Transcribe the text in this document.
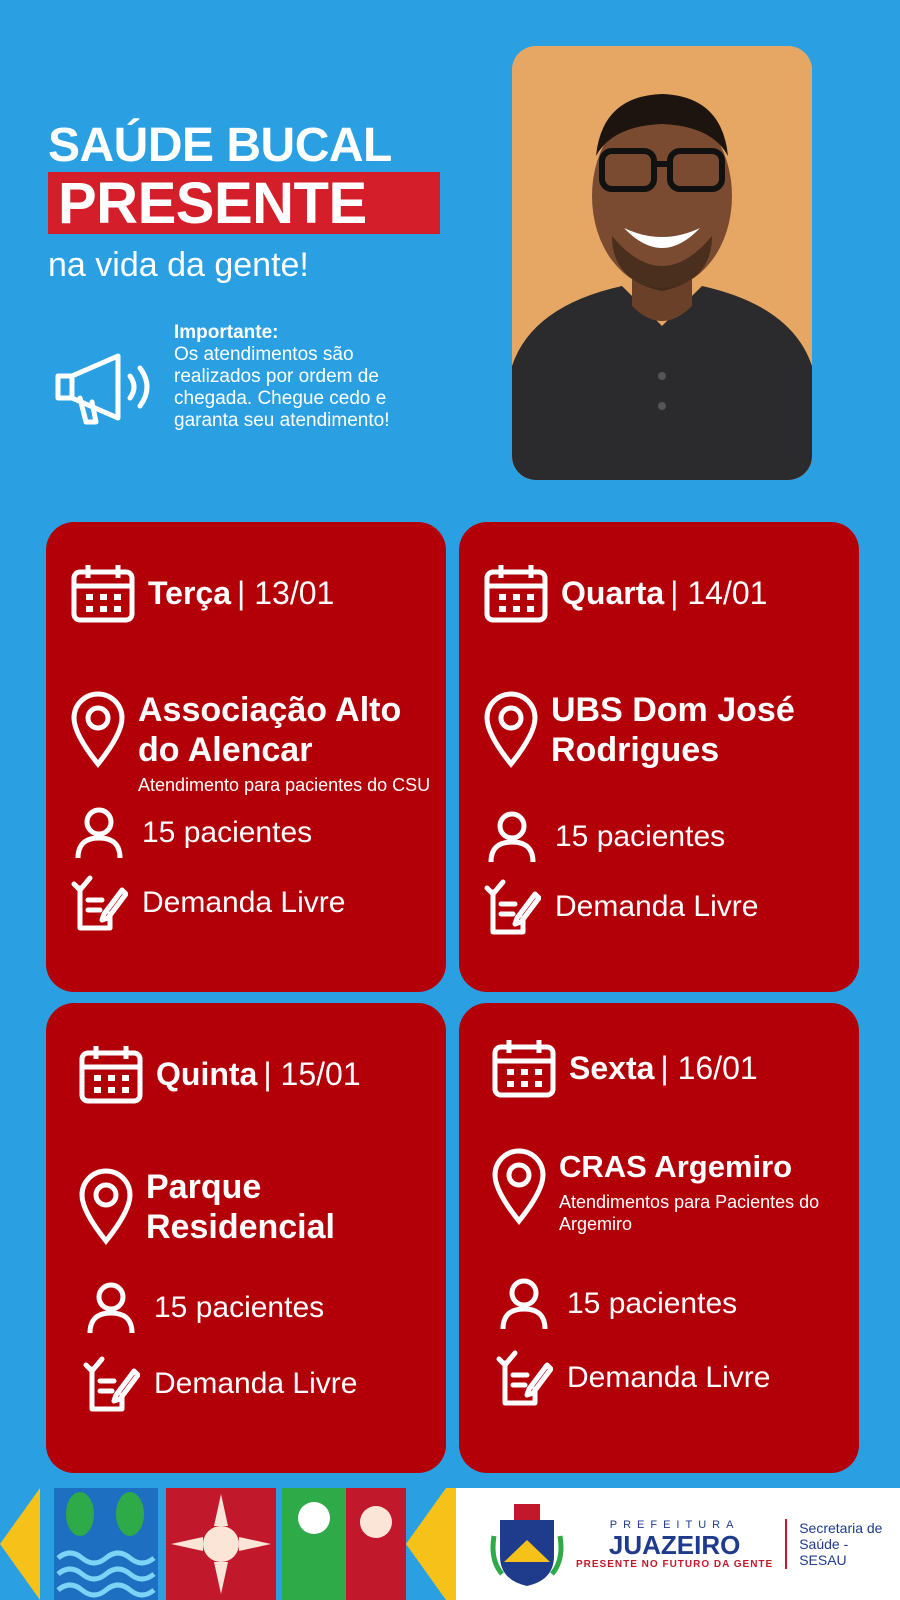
SAÚDE BUCAL
PRESENTE
na vida da gente!
Importante:
Os atendimentos são realizados por ordem de chegada. Chegue cedo e garanta seu atendimento!
Terça | 13/01
Associação Alto do Alencar
Atendimento para pacientes do CSU
15 pacientes
Demanda Livre
Quarta | 14/01
UBS Dom José Rodrigues
15 pacientes
Demanda Livre
Quinta | 15/01
Parque Residencial
15 pacientes
Demanda Livre
Sexta | 16/01
CRAS Argemiro
Atendimentos para Pacientes do Argemiro
15 pacientes
Demanda Livre
PREFEITURA
JUAZEIRO
PRESENTE NO FUTURO DA GENTE
Secretaria de Saúde - SESAU
